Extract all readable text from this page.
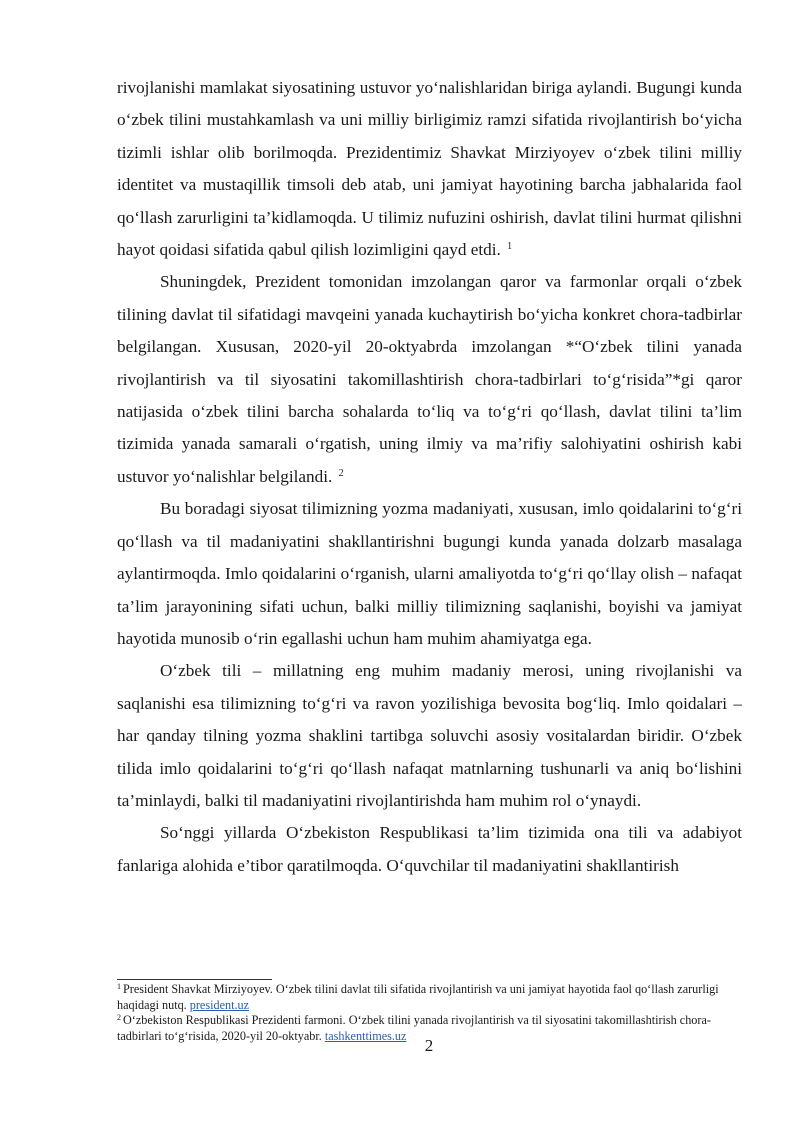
rivojlanishi mamlakat siyosatining ustuvor yo‘nalishlaridan biriga aylandi. Bugungi kunda o‘zbek tilini mustahkamlash va uni milliy birligimiz ramzi sifatida rivojlantirish bo‘yicha tizimli ishlar olib borilmoqda. Prezidentimiz Shavkat Mirziyoyev o‘zbek tilini milliy identitet va mustaqillik timsoli deb atab, uni jamiyat hayotining barcha jabhalarida faol qo‘llash zarurligini ta’kidlamoqda. U tilimiz nufuzini oshirish, davlat tilini hurmat qilishni hayot qoidasi sifatida qabul qilish lozimligini qayd etdi. $^1$

Shuningdek, Prezident tomonidan imzolangan qaror va farmonlar orqali o‘zbek tilining davlat til sifatidagi mavqeini yanada kuchaytirish bo‘yicha konkret chora-tadbirlar belgilangan. Xususan, 2020-yil 20-oktyabrda imzolangan *“O‘zbek tilini yanada rivojlantirish va til siyosatini takomillashtirish chora-tadbirlari to‘g‘risida”*gi qaror natijasida o‘zbek tilini barcha sohalarda to‘liq va to‘g‘ri qo‘llash, davlat tilini ta’lim tizimida yanada samarali o‘rgatish, uning ilmiy va ma’rifiy salohiyatini oshirish kabi ustuvor yo‘nalishlar belgilandi. $^2$

Bu boradagi siyosat tilimizning yozma madaniyati, xususan, imlo qoidalarini to‘g‘ri qo‘llash va til madaniyatini shakllantirishni bugungi kunda yanada dolzarb masalaga aylantirmoqda. Imlo qoidalarini o‘rganish, ularni amaliyotda to‘g‘ri qo‘llay olish – nafaqat ta’lim jarayonining sifati uchun, balki milliy tilimizning saqlanishi, boyishi va jamiyat hayotida munosib o‘rin egallashi uchun ham muhim ahamiyatga ega.

O‘zbek tili – millatning eng muhim madaniy merosi, uning rivojlanishi va saqlanishi esa tilimizning to‘g‘ri va ravon yozilishiga bevosita bog‘liq. Imlo qoidalari – har qanday tilning yozma shaklini tartibga soluvchi asosiy vositalardan biridir. O‘zbek tilida imlo qoidalarini to‘g‘ri qo‘llash nafaqat matnlarning tushunarli va aniq bo‘lishini ta’minlaydi, balki til madaniyatini rivojlantirishda ham muhim rol o‘ynaydi.

So‘nggi yillarda O‘zbekiston Respublikasi ta’lim tizimida ona tili va adabiyot fanlariga alohida e’tibor qaratilmoqda. O‘quvchilar til madaniyatini shakllantirish

$^1$ President Shavkat Mirziyoyev. O‘zbek tilini davlat tili sifatida rivojlantirish va uni jamiyat hayotida faol qo‘llash zarurligi haqidagi nutq. president.uz

$^2$ O‘zbekiston Respublikasi Prezidenti farmoni. O‘zbek tilini yanada rivojlantirish va til siyosatini takomillashtirish chora-tadbirlari to‘g‘risida, 2020-yil 20-oktyabr. tashkenttimes.uz

2
